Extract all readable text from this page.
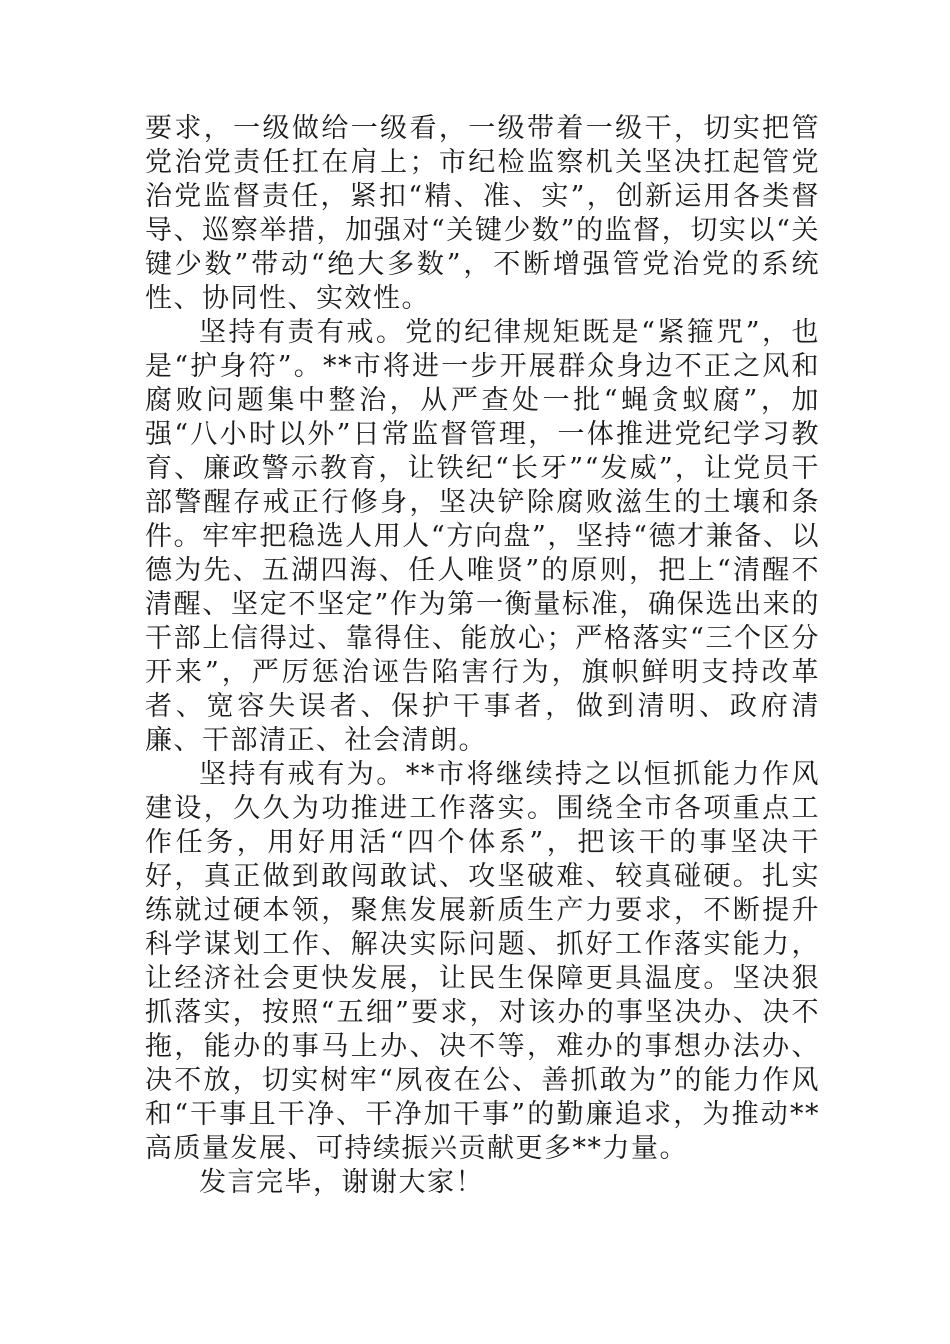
要求，一级做给一级看，一级带着一级干，切实把管党治党责任扛在肩上；市纪检监察机关坚决扛起管党治党监督责任，紧扣“精、准、实”，创新运用各类督导、巡察举措，加强对“关键少数”的监督，切实以“关键少数”带动“绝大多数”，不断增强管党治党的系统性、协同性、实效性。

坚持有责有戒。党的纪律规矩既是“紧箍咒”，也是“护身符”。**市将进一步开展群众身边不正之风和腐败问题集中整治，从严查处一批“蝇贪蚁腐”，加强“八小时以外”日常监督管理，一体推进党纪学习教育、廉政警示教育，让铁纪“长牙”“发威”，让党员干部警醒存戒正行修身，坚决铲除腐败滋生的土壤和条件。牢牢把稳选人用人“方向盘”，坚持“德才兼备、以德为先、五湖四海、任人唯贤”的原则，把上“清醒不清醒、坚定不坚定”作为第一衡量标准，确保选出来的干部上信得过、靠得住、能放心；严格落实“三个区分开来”，严厉惩治诬告陷害行为，旗帜鲜明支持改革者、宽容失误者、保护干事者，做到清明、政府清廉、干部清正、社会清朗。

坚持有戒有为。**市将继续持之以恒抓能力作风建设，久久为功推进工作落实。围绕全市各项重点工作任务，用好用活“四个体系”，把该干的事坚决干好，真正做到敢闯敢试、攻坚破难、较真碰硬。扎实练就过硬本领，聚焦发展新质生产力要求，不断提升科学谋划工作、解决实际问题、抓好工作落实能力，让经济社会更快发展，让民生保障更具温度。坚决狠抓落实，按照“五细”要求，对该办的事坚决办、决不拖，能办的事马上办、决不等，难办的事想办法办、决不放，切实树牢“夙夜在公、善抓敢为”的能力作风和“干事且干净、干净加干事”的勤廉追求，为推动**高质量发展、可持续振兴贡献更多**力量。

发言完毕，谢谢大家！
